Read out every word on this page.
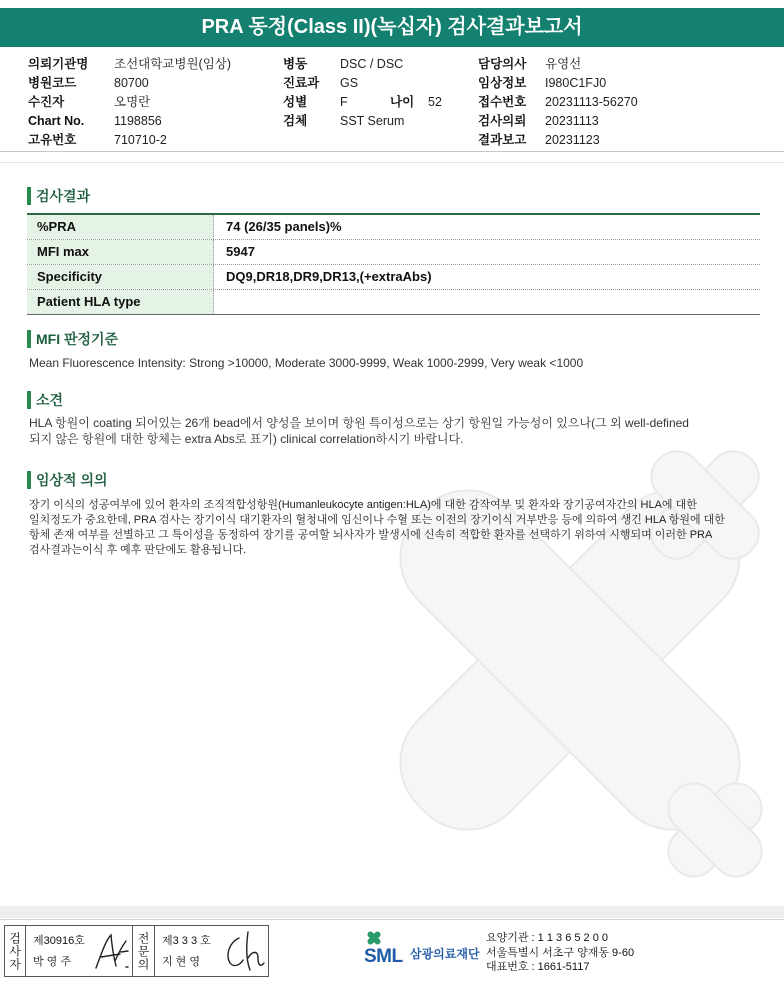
PRA 동정(Class II)(녹십자) 검사결과보고서
의뢰기관명	조선대학교병원(임상)
병원코드	80700
수진자	오명란
Chart No.	1198856
고유번호	710710-2
병동	DSC / DSC
진료과	GS
성별	F	나이	52
검체	SST Serum
담당의사	유영선
임상정보	I980C1FJ0
접수번호	20231113-56270
검사의뢰	20231113
결과보고	20231123
검사결과
%PRA	74 (26/35 panels)%
MFI max	5947
Specificity	DQ9,DR18,DR9,DR13,(+extraAbs)
Patient HLA type
MFI 판정기준
Mean Fluorescence Intensity: Strong >10000, Moderate 3000-9999, Weak 1000-2999, Very weak <1000
소견
HLA 항원이 coating 되어있는 26개 bead에서 양성을 보이며 항원 특이성으로는 상기 항원일 가능성이 있으나(그 외 well-defined
되지 않은 항원에 대한 항체는 extra Abs로 표기) clinical correlation하시기 바랍니다.
임상적 의의
장기 이식의 성공여부에 있어 환자의 조직적합성항원(Humanleukocyte antigen:HLA)에 대한 감작여부 및 환자와 장기공여자간의 HLA에 대한
일치정도가 중요한데, PRA 검사는 장기이식 대기환자의 혈청내에 임신이나 수혈 또는 이전의 장기이식 거부반응 등에 의하여 생긴 HLA 항원에 대한
항체 존재 여부를 선별하고 그 특이성을 동정하여 장기를 공여할 뇌사자가 발생시에 신속히 적합한 환자를 선택하기 위하여 시행되며 이러한 PRA
검사결과는이식 후 예후 판단에도 활용됩니다.
검사자	제30916호
박 영 주	전문의	제3 3 3 호
지 현 영	SML 삼광의료재단
요양기관 : 1 1 3 6 5 2 0 0
서울특별시 서초구 양재동 9-60
대표번호 : 1661-5117
